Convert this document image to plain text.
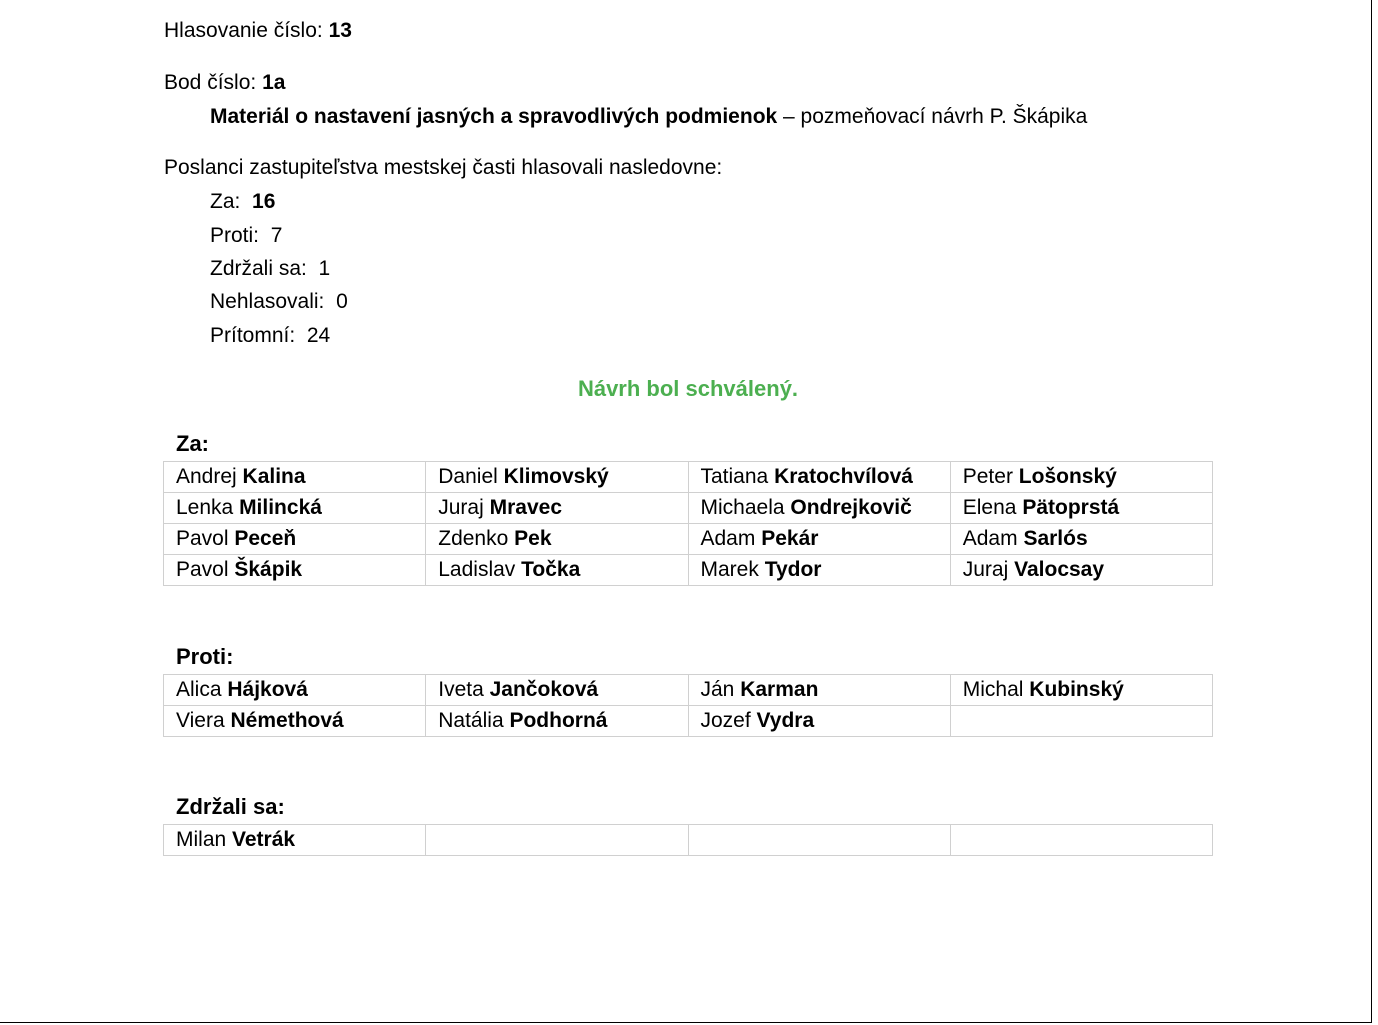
Hlasovanie číslo: 13
Bod číslo: 1a
Materiál o nastavení jasných a spravodlivých podmienok – pozmeňovací návrh P. Škápika
Poslanci zastupiteľstva mestskej časti hlasovali nasledovne:
Za: 16
Proti: 7
Zdržali sa: 1
Nehlasovali: 0
Prítomní: 24
Návrh bol schválený.
Za:
Andrej Kalina	Daniel Klimovský	Tatiana Kratochvílová	Peter Lošonský
Lenka Milincká	Juraj Mravec	Michaela Ondrejkovič	Elena Pätoprstá
Pavol Peceň	Zdenko Pek	Adam Pekár	Adam Sarlós
Pavol Škápik	Ladislav Točka	Marek Tydor	Juraj Valocsay
Proti:
Alica Hájková	Iveta Jančoková	Ján Karman	Michal Kubinský
Viera Némethová	Natália Podhorná	Jozef Vydra	
Zdržali sa:
Milan Vetrák			
